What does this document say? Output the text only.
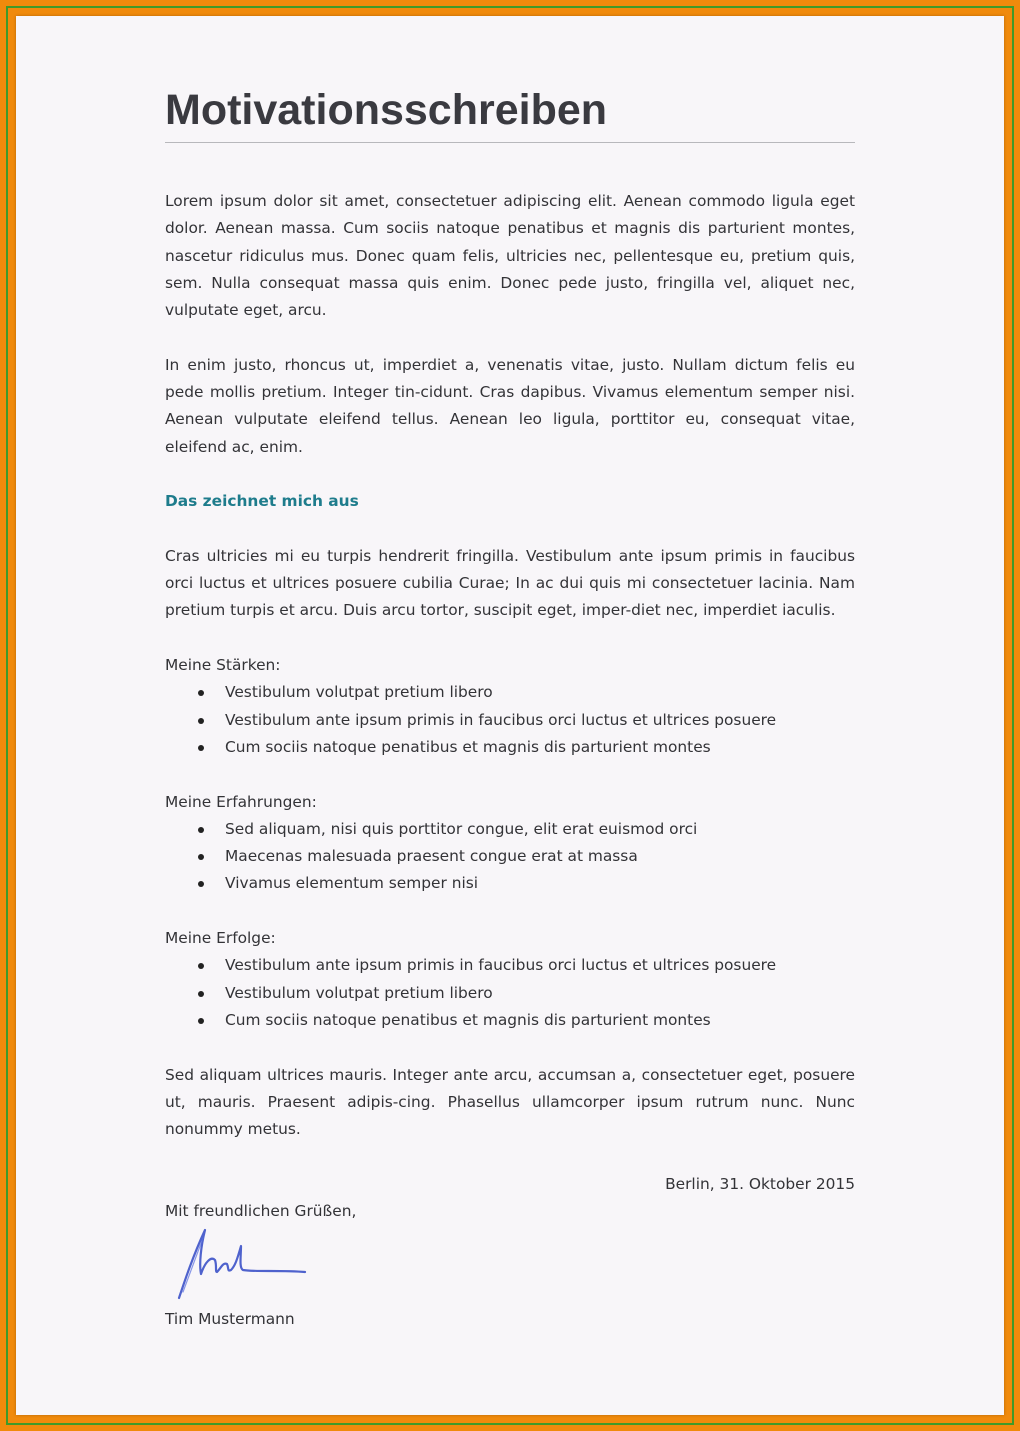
Motivationsschreiben

Lorem ipsum dolor sit amet, consectetuer adipiscing elit. Aenean commodo ligula eget dolor. Aenean massa. Cum sociis natoque penatibus et magnis dis parturient montes, nascetur ridiculus mus. Donec quam felis, ultricies nec, pellentesque eu, pretium quis, sem. Nulla consequat massa quis enim. Donec pede justo, fringilla vel, aliquet nec, vulputate eget, arcu.

In enim justo, rhoncus ut, imperdiet a, venenatis vitae, justo. Nullam dictum felis eu pede mollis pretium. Integer tin-cidunt. Cras dapibus. Vivamus elementum semper nisi. Aenean vulputate eleifend tellus. Aenean leo ligula, porttitor eu, consequat vitae, eleifend ac, enim.

Das zeichnet mich aus

Cras ultricies mi eu turpis hendrerit fringilla. Vestibulum ante ipsum primis in faucibus orci luctus et ultrices posuere cubilia Curae; In ac dui quis mi consectetuer lacinia. Nam pretium turpis et arcu. Duis arcu tortor, suscipit eget, imper-diet nec, imperdiet iaculis.

Meine Stärken:

Vestibulum volutpat pretium libero
Vestibulum ante ipsum primis in faucibus orci luctus et ultrices posuere
Cum sociis natoque penatibus et magnis dis parturient montes

Meine Erfahrungen:

Sed aliquam, nisi quis porttitor congue, elit erat euismod orci
Maecenas malesuada praesent congue erat at massa
Vivamus elementum semper nisi

Meine Erfolge:

Vestibulum ante ipsum primis in faucibus orci luctus et ultrices posuere
Vestibulum volutpat pretium libero
Cum sociis natoque penatibus et magnis dis parturient montes

Sed aliquam ultrices mauris. Integer ante arcu, accumsan a, consectetuer eget, posuere ut, mauris. Praesent adipis-cing. Phasellus ullamcorper ipsum rutrum nunc. Nunc nonummy metus.

Berlin, 31. Oktober 2015

Mit freundlichen Grüßen,

Tim Mustermann
